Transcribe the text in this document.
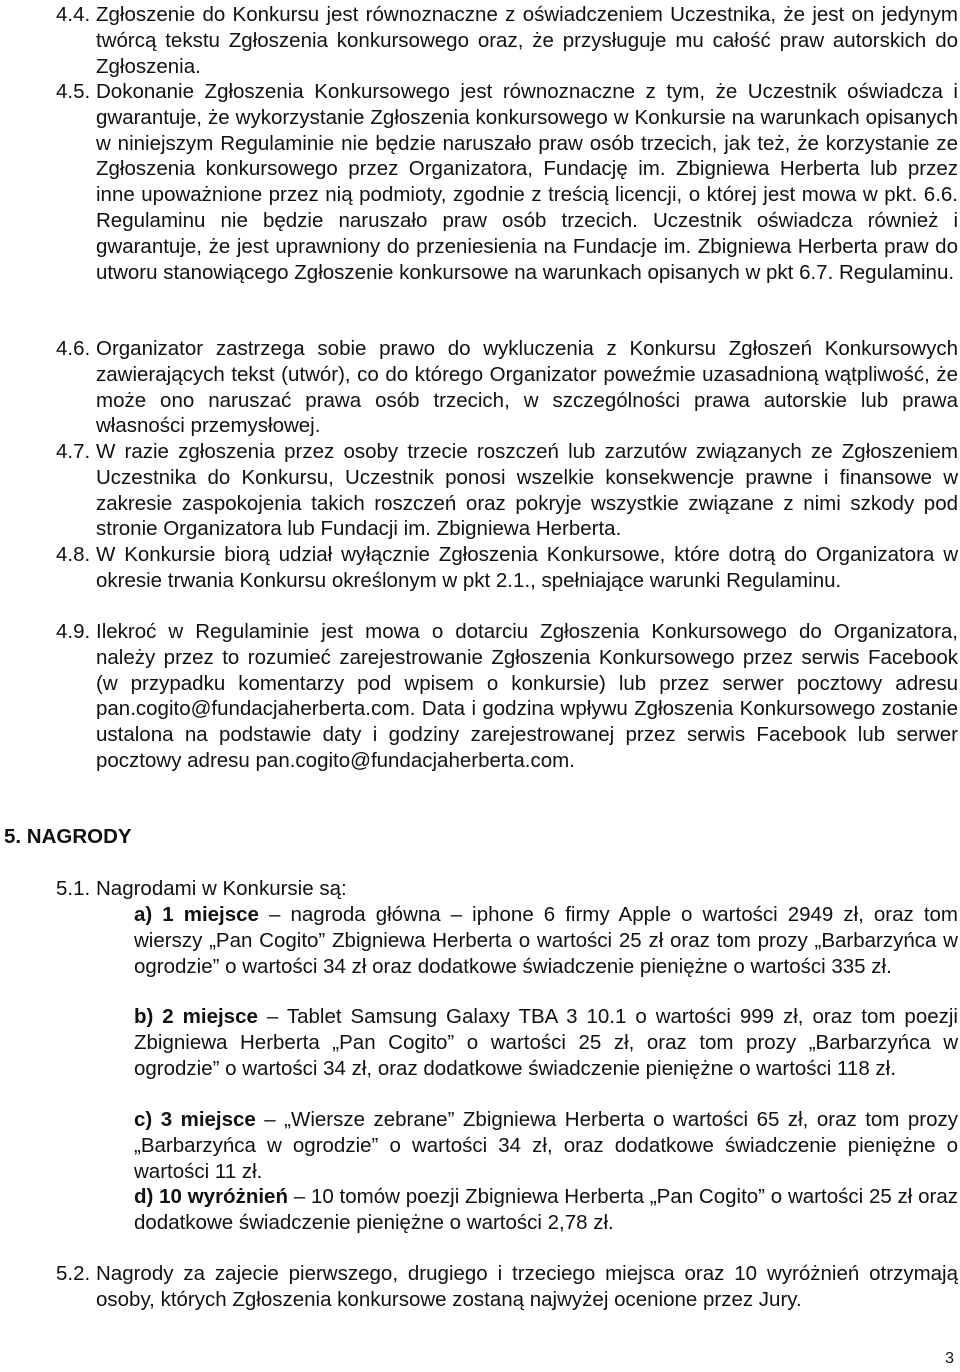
4.4. Zgłoszenie do Konkursu jest równoznaczne z oświadczeniem Uczestnika, że jest on jedynym twórcą tekstu Zgłoszenia konkursowego oraz, że przysługuje mu całość praw autorskich do Zgłoszenia.
4.5. Dokonanie Zgłoszenia Konkursowego jest równoznaczne z tym, że Uczestnik oświadcza i gwarantuje, że wykorzystanie Zgłoszenia konkursowego w Konkursie na warunkach opisanych w niniejszym Regulaminie nie będzie naruszało praw osób trzecich, jak też, że korzystanie ze Zgłoszenia konkursowego przez Organizatora, Fundację im. Zbigniewa Herberta lub przez inne upoważnione przez nią podmioty, zgodnie z treścią licencji, o której jest mowa w pkt. 6.6. Regulaminu nie będzie naruszało praw osób trzecich. Uczestnik oświadcza również i gwarantuje, że jest uprawniony do przeniesienia na Fundacje im. Zbigniewa Herberta praw do utworu stanowiącego Zgłoszenie konkursowe na warunkach opisanych w pkt 6.7. Regulaminu.
4.6. Organizator zastrzega sobie prawo do wykluczenia z Konkursu Zgłoszeń Konkursowych zawierających tekst (utwór), co do którego Organizator poweźmie uzasadnioną wątpliwość, że może ono naruszać prawa osób trzecich, w szczególności prawa autorskie lub prawa własności przemysłowej.
4.7. W razie zgłoszenia przez osoby trzecie roszczeń lub zarzutów związanych ze Zgłoszeniem Uczestnika do Konkursu, Uczestnik ponosi wszelkie konsekwencje prawne i finansowe w zakresie zaspokojenia takich roszczeń oraz pokryje wszystkie związane z nimi szkody pod stronie Organizatora lub Fundacji im. Zbigniewa Herberta.
4.8. W Konkursie biorą udział wyłącznie Zgłoszenia Konkursowe, które dotrą do Organizatora w okresie trwania Konkursu określonym w pkt 2.1., spełniające warunki Regulaminu.
4.9. Ilekroć w Regulaminie jest mowa o dotarciu Zgłoszenia Konkursowego do Organizatora, należy przez to rozumieć zarejestrowanie Zgłoszenia Konkursowego przez serwis Facebook (w przypadku komentarzy pod wpisem o konkursie) lub przez serwer pocztowy adresu pan.cogito@fundacjaherberta.com. Data i godzina wpływu Zgłoszenia Konkursowego zostanie ustalona na podstawie daty i godziny zarejestrowanej przez serwis Facebook lub serwer pocztowy adresu pan.cogito@fundacjaherberta.com.
5. NAGRODY
5.1. Nagrodami w Konkursie są:
a) 1 miejsce – nagroda główna – iphone 6 firmy Apple o wartości 2949 zł, oraz tom wierszy „Pan Cogito” Zbigniewa Herberta o wartości 25 zł oraz tom prozy „Barbarzyńca w ogrodzie” o wartości 34 zł oraz dodatkowe świadczenie pieniężne o wartości 335 zł.
b) 2 miejsce – Tablet Samsung Galaxy TBA 3 10.1 o wartości 999 zł, oraz tom poezji Zbigniewa Herberta „Pan Cogito” o wartości 25 zł, oraz tom prozy „Barbarzyńca w ogrodzie” o wartości 34 zł, oraz dodatkowe świadczenie pieniężne o wartości 118 zł.
c) 3 miejsce – „Wiersze zebrane” Zbigniewa Herberta o wartości 65 zł, oraz tom prozy „Barbarzyńca w ogrodzie” o wartości 34 zł, oraz dodatkowe świadczenie pieniężne o wartości 11 zł.
d) 10 wyróżnień – 10 tomów poezji Zbigniewa Herberta „Pan Cogito” o wartości 25 zł oraz dodatkowe świadczenie pieniężne o wartości 2,78 zł.
5.2. Nagrody za zajecie pierwszego, drugiego i trzeciego miejsca oraz 10 wyróżnień otrzymają osoby, których Zgłoszenia konkursowe zostaną najwyżej ocenione przez Jury.
3
